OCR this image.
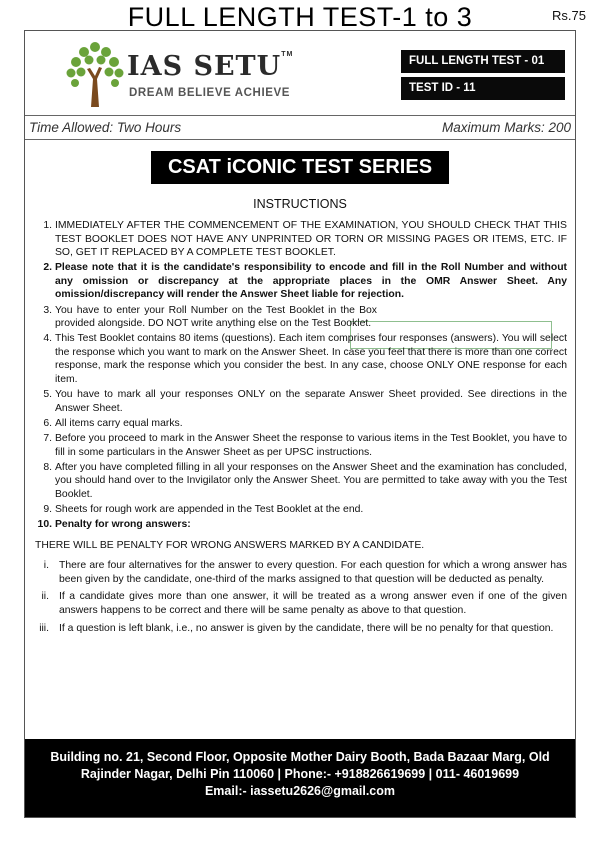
FULL LENGTH TEST-1 to 3	Rs.75
IAS SETU™
DREAM BELIEVE ACHIEVE
FULL LENGTH TEST - 01
TEST ID - 11
Time Allowed: Two Hours	Maximum Marks: 200
CSAT iCONIC TEST SERIES
INSTRUCTIONS
1. IMMEDIATELY AFTER THE COMMENCEMENT OF THE EXAMINATION, YOU SHOULD CHECK THAT THIS TEST BOOKLET DOES NOT HAVE ANY UNPRINTED OR TORN OR MISSING PAGES OR ITEMS, ETC. IF SO, GET IT REPLACED BY A COMPLETE TEST BOOKLET.
2. Please note that it is the candidate's responsibility to encode and fill in the Roll Number and without any omission or discrepancy at the appropriate places in the OMR Answer Sheet. Any omission/discrepancy will render the Answer Sheet liable for rejection.
3. You have to enter your Roll Number on the Test Booklet in the Box provided alongside. DO NOT write anything else on the Test Booklet.
4. This Test Booklet contains 80 items (questions). Each item comprises four responses (answers). You will select the response which you want to mark on the Answer Sheet. In case you feel that there is more than one correct response, mark the response which you consider the best. In any case, choose ONLY ONE response for each item.
5. You have to mark all your responses ONLY on the separate Answer Sheet provided. See directions in the Answer Sheet.
6. All items carry equal marks.
7. Before you proceed to mark in the Answer Sheet the response to various items in the Test Booklet, you have to fill in some particulars in the Answer Sheet as per UPSC instructions.
8. After you have completed filling in all your responses on the Answer Sheet and the examination has concluded, you should hand over to the Invigilator only the Answer Sheet. You are permitted to take away with you the Test Booklet.
9. Sheets for rough work are appended in the Test Booklet at the end.
10. Penalty for wrong answers:
THERE WILL BE PENALTY FOR WRONG ANSWERS MARKED BY A CANDIDATE.
i. There are four alternatives for the answer to every question. For each question for which a wrong answer has been given by the candidate, one-third of the marks assigned to that question will be deducted as penalty.
ii. If a candidate gives more than one answer, it will be treated as a wrong answer even if one of the given answers happens to be correct and there will be same penalty as above to that question.
iii. If a question is left blank, i.e., no answer is given by the candidate, there will be no penalty for that question.
Building no. 21, Second Floor, Opposite Mother Dairy Booth, Bada Bazaar Marg, Old
Rajinder Nagar, Delhi Pin 110060 | Phone:- +918826619699 | 011- 46019699
Email:- iassetu2626@gmail.com
